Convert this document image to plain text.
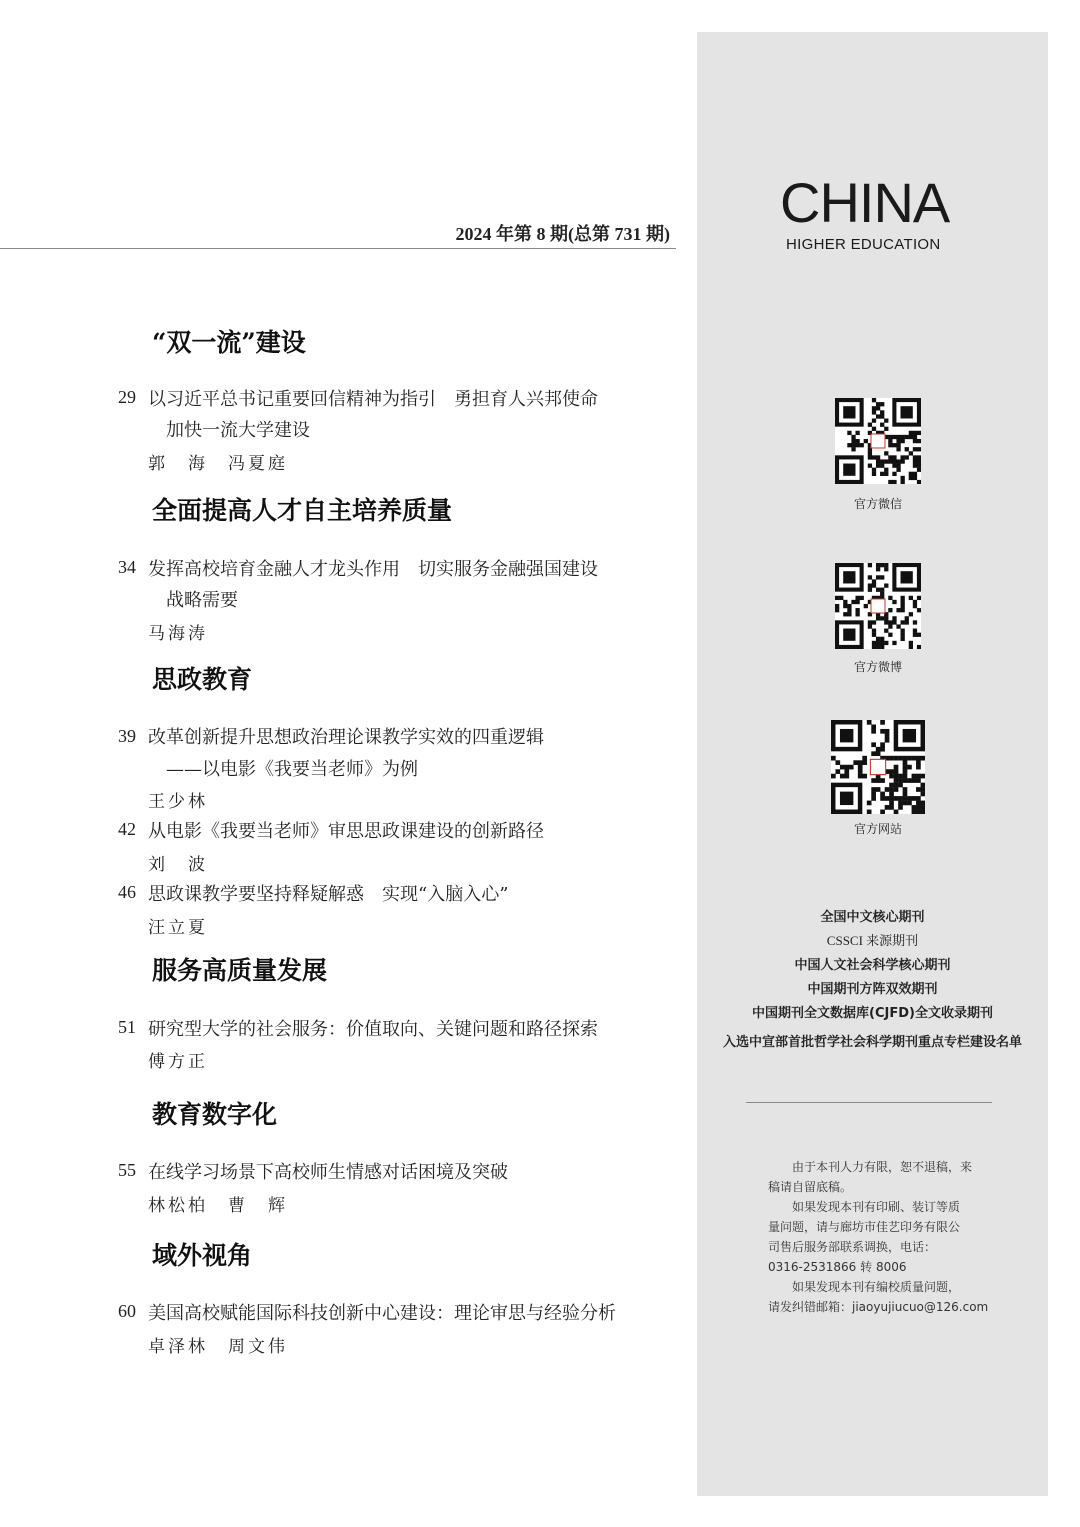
2024 年第 8 期(总第 731 期)
“双一流”建设
29 以习近平总书记重要回信精神为指引　勇担育人兴邦使命
加快一流大学建设
郭　海　冯夏庭
全面提高人才自主培养质量
34 发挥高校培育金融人才龙头作用　切实服务金融强国建设
战略需要
马海涛
思政教育
39 改革创新提升思想政治理论课教学实效的四重逻辑
——以电影《我要当老师》为例
王少林
42 从电影《我要当老师》审思思政课建设的创新路径
刘　波
46 思政课教学要坚持释疑解惑　实现“入脑入心”
汪立夏
服务高质量发展
51 研究型大学的社会服务：价值取向、关键问题和路径探索
傅方正
教育数字化
55 在线学习场景下高校师生情感对话困境及突破
林松柏　曹　辉
域外视角
60 美国高校赋能国际科技创新中心建设：理论审思与经验分析
卓泽林　周文伟
CHINA
HIGHER EDUCATION
官方微信
官方微博
官方网站
全国中文核心期刊
CSSCI 来源期刊
中国人文社会科学核心期刊
中国期刊方阵双效期刊
中国期刊全文数据库(CJFD)全文收录期刊
入选中宣部首批哲学社会科学期刊重点专栏建设名单
　　由于本刊人力有限，恕不退稿，来
稿请自留底稿。
　　如果发现本刊有印刷、装订等质
量问题，请与廊坊市佳艺印务有限公
司售后服务部联系调换，电话：
0316-2531866 转 8006
　　如果发现本刊有编校质量问题，
请发纠错邮箱：jiaoyujiucuo@126.com
